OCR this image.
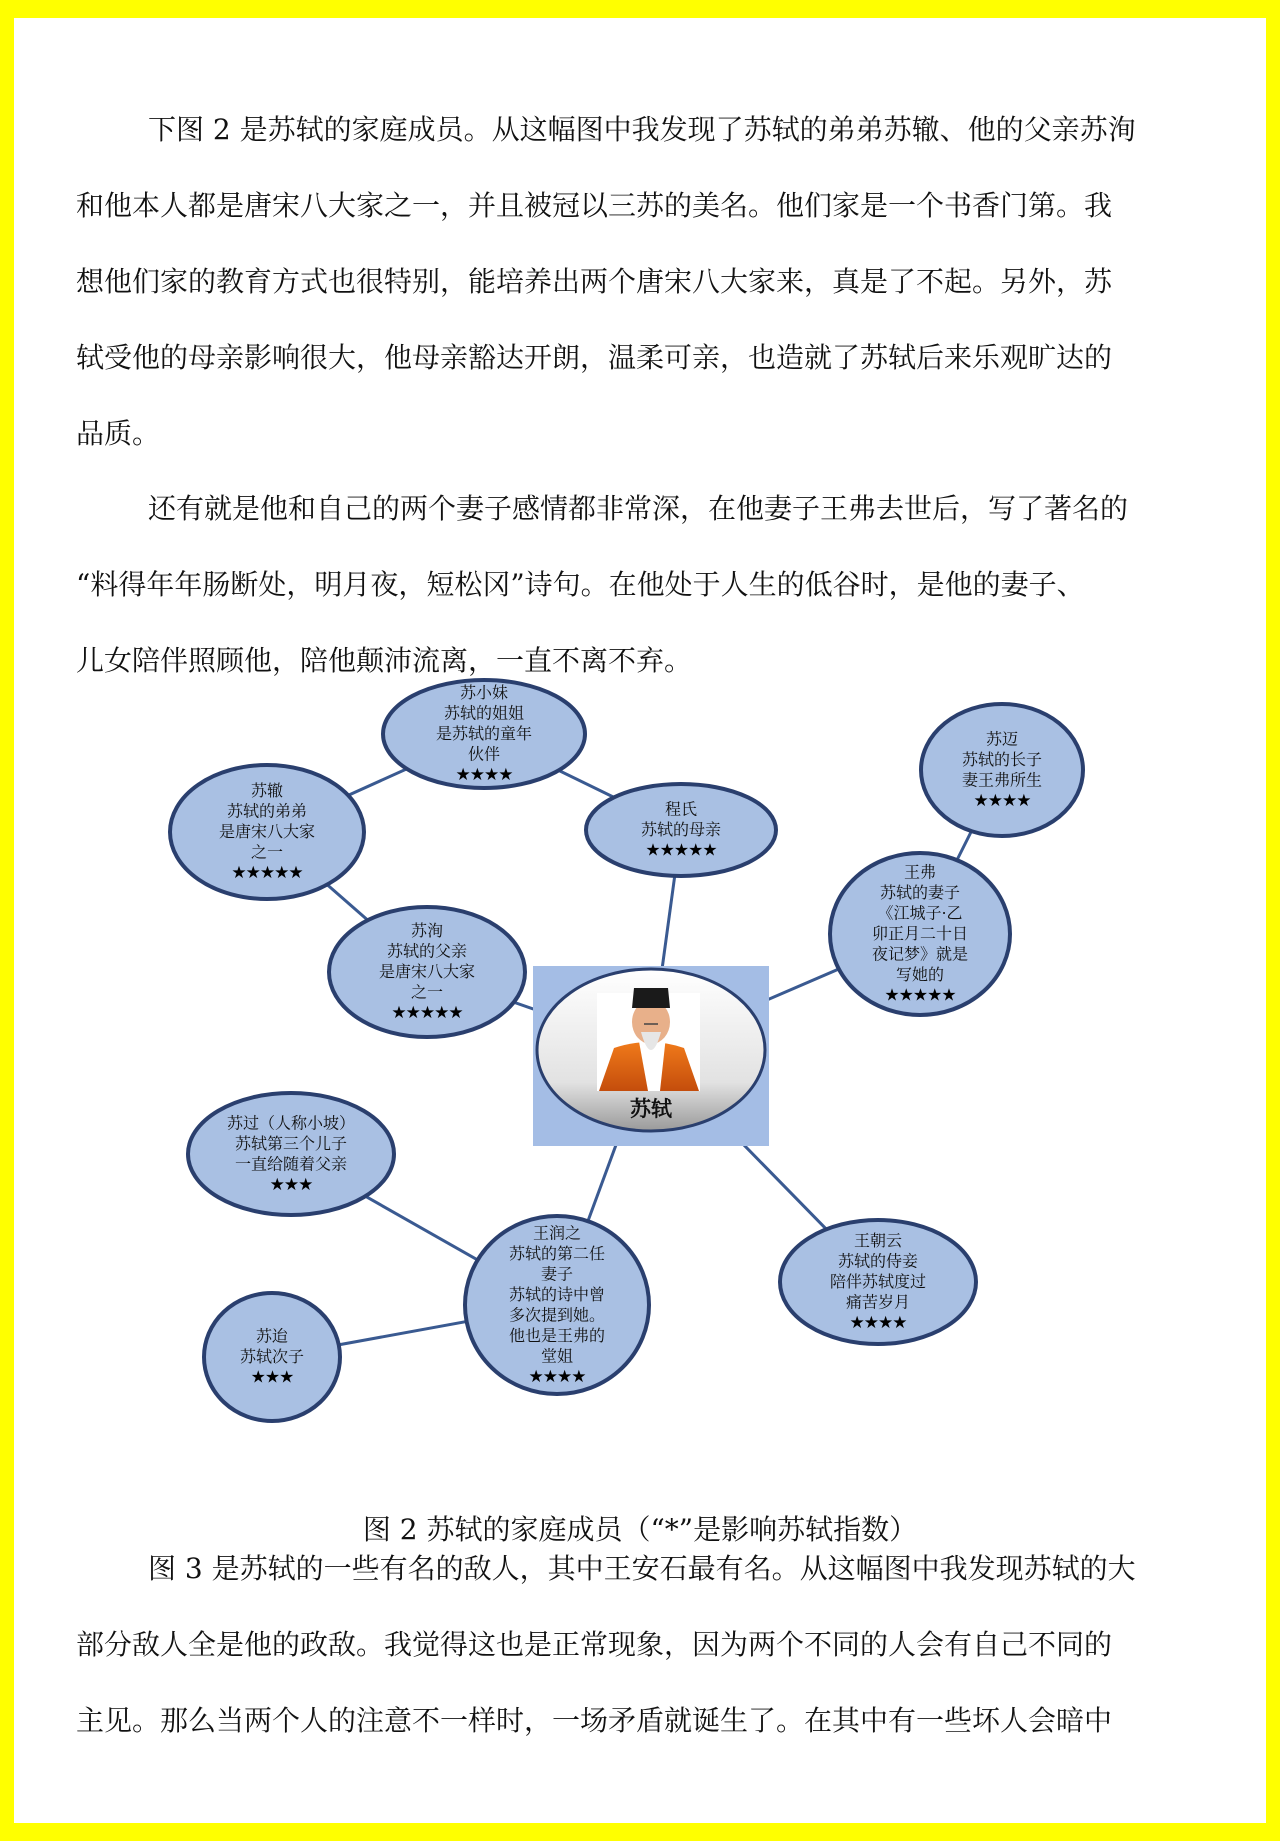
下图 2 是苏轼的家庭成员。从这幅图中我发现了苏轼的弟弟苏辙、他的父亲苏洵
和他本人都是唐宋八大家之一，并且被冠以三苏的美名。他们家是一个书香门第。我
想他们家的教育方式也很特别，能培养出两个唐宋八大家来，真是了不起。另外，苏
轼受他的母亲影响很大，他母亲豁达开朗，温柔可亲，也造就了苏轼后来乐观旷达的
品质。
还有就是他和自己的两个妻子感情都非常深，在他妻子王弗去世后，写了著名的
“料得年年肠断处，明月夜，短松冈”诗句。在他处于人生的低谷时，是他的妻子、
儿女陪伴照顾他，陪他颠沛流离，一直不离不弃。
苏轼
苏小妹
苏轼的姐姐
是苏轼的童年
伙伴
★★★★
苏辙
苏轼的弟弟
是唐宋八大家
之一
★★★★★
程氏
苏轼的母亲
★★★★★
苏迈
苏轼的长子
妻王弗所生
★★★★
王弗
苏轼的妻子
《江城子·乙
卯正月二十日
夜记梦》就是
写她的
★★★★★
苏洵
苏轼的父亲
是唐宋八大家
之一
★★★★★
苏过（人称小坡）
苏轼第三个儿子
一直给随着父亲
★★★
王润之
苏轼的第二任
妻子
苏轼的诗中曾
多次提到她。
他也是王弗的
堂姐
★★★★
王朝云
苏轼的侍妾
陪伴苏轼度过
痛苦岁月
★★★★
苏迨
苏轼次子
★★★

图 2 苏轼的家庭成员（“*”是影响苏轼指数）

图 3 是苏轼的一些有名的敌人，其中王安石最有名。从这幅图中我发现苏轼的大
部分敌人全是他的政敌。我觉得这也是正常现象，因为两个不同的人会有自己不同的
主见。那么当两个人的注意不一样时，一场矛盾就诞生了。在其中有一些坏人会暗中
